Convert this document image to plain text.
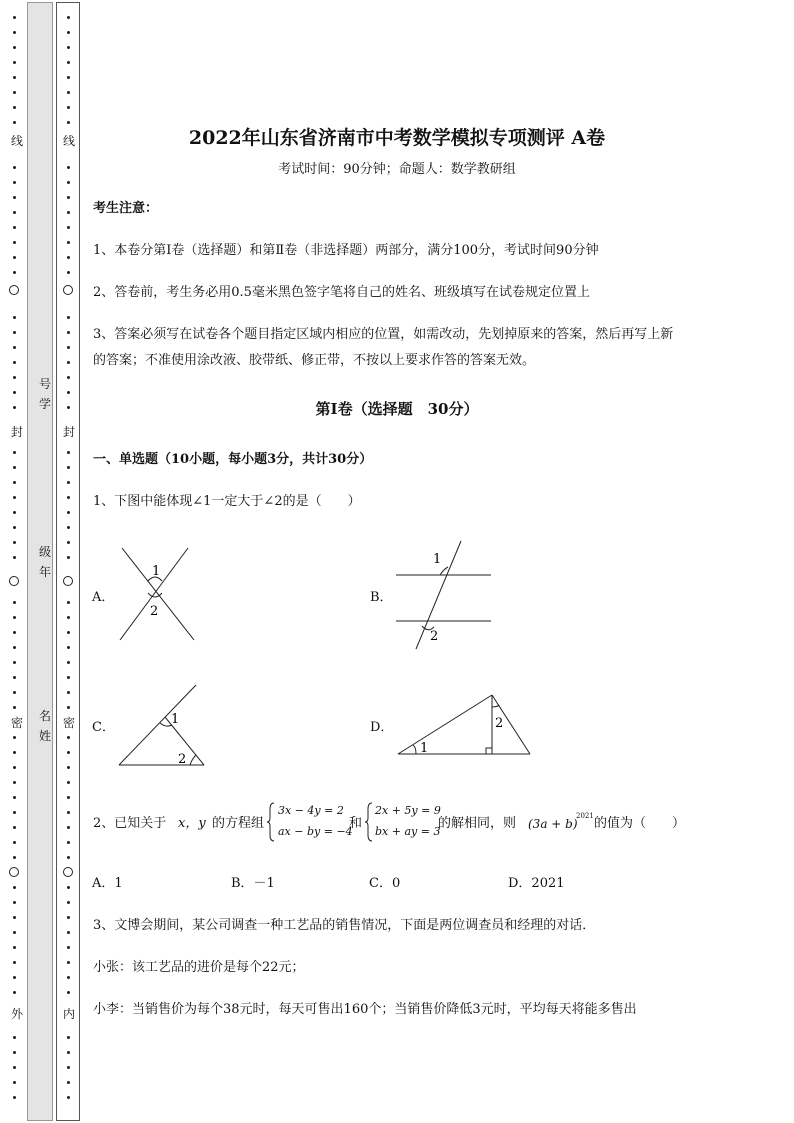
线
封
密
外
线
封
密
内
号学
级年
名姓
2022年山东省济南市中考数学模拟专项测评 A卷
考试时间：90分钟；命题人：数学教研组
考生注意：
1、本卷分第I卷（选择题）和第Ⅱ卷（非选择题）两部分，满分100分，考试时间90分钟
2、答卷前，考生务必用0.5毫米黑色签字笔将自己的姓名、班级填写在试卷规定位置上
3、答案必须写在试卷各个题目指定区域内相应的位置，如需改动，先划掉原来的答案，然后再写上新
的答案；不准使用涂改液、胶带纸、修正带，不按以上要求作答的答案无效。
第I卷（选择题　30分）
一、单选题（10小题，每小题3分，共计30分）
1、下图中能体现∠1一定大于∠2的是（　　）
A．	B．
C．	D．
1
2
1
2
1
2
1
2
2、已知关于 x，y 的方程组
3x − 4y = 2
ax − by = −4
和
2x + 5y = 9
bx + ay = 3
的解相同，则 (3a + b)
2021 的值为（　　）
A．1	B．－1	C．0	D．2021
3、文博会期间，某公司调查一种工艺品的销售情况，下面是两位调查员和经理的对话．
小张：该工艺品的进价是每个22元；
小李：当销售价为每个38元时，每天可售出160个；当销售价降低3元时，平均每天将能多售出
